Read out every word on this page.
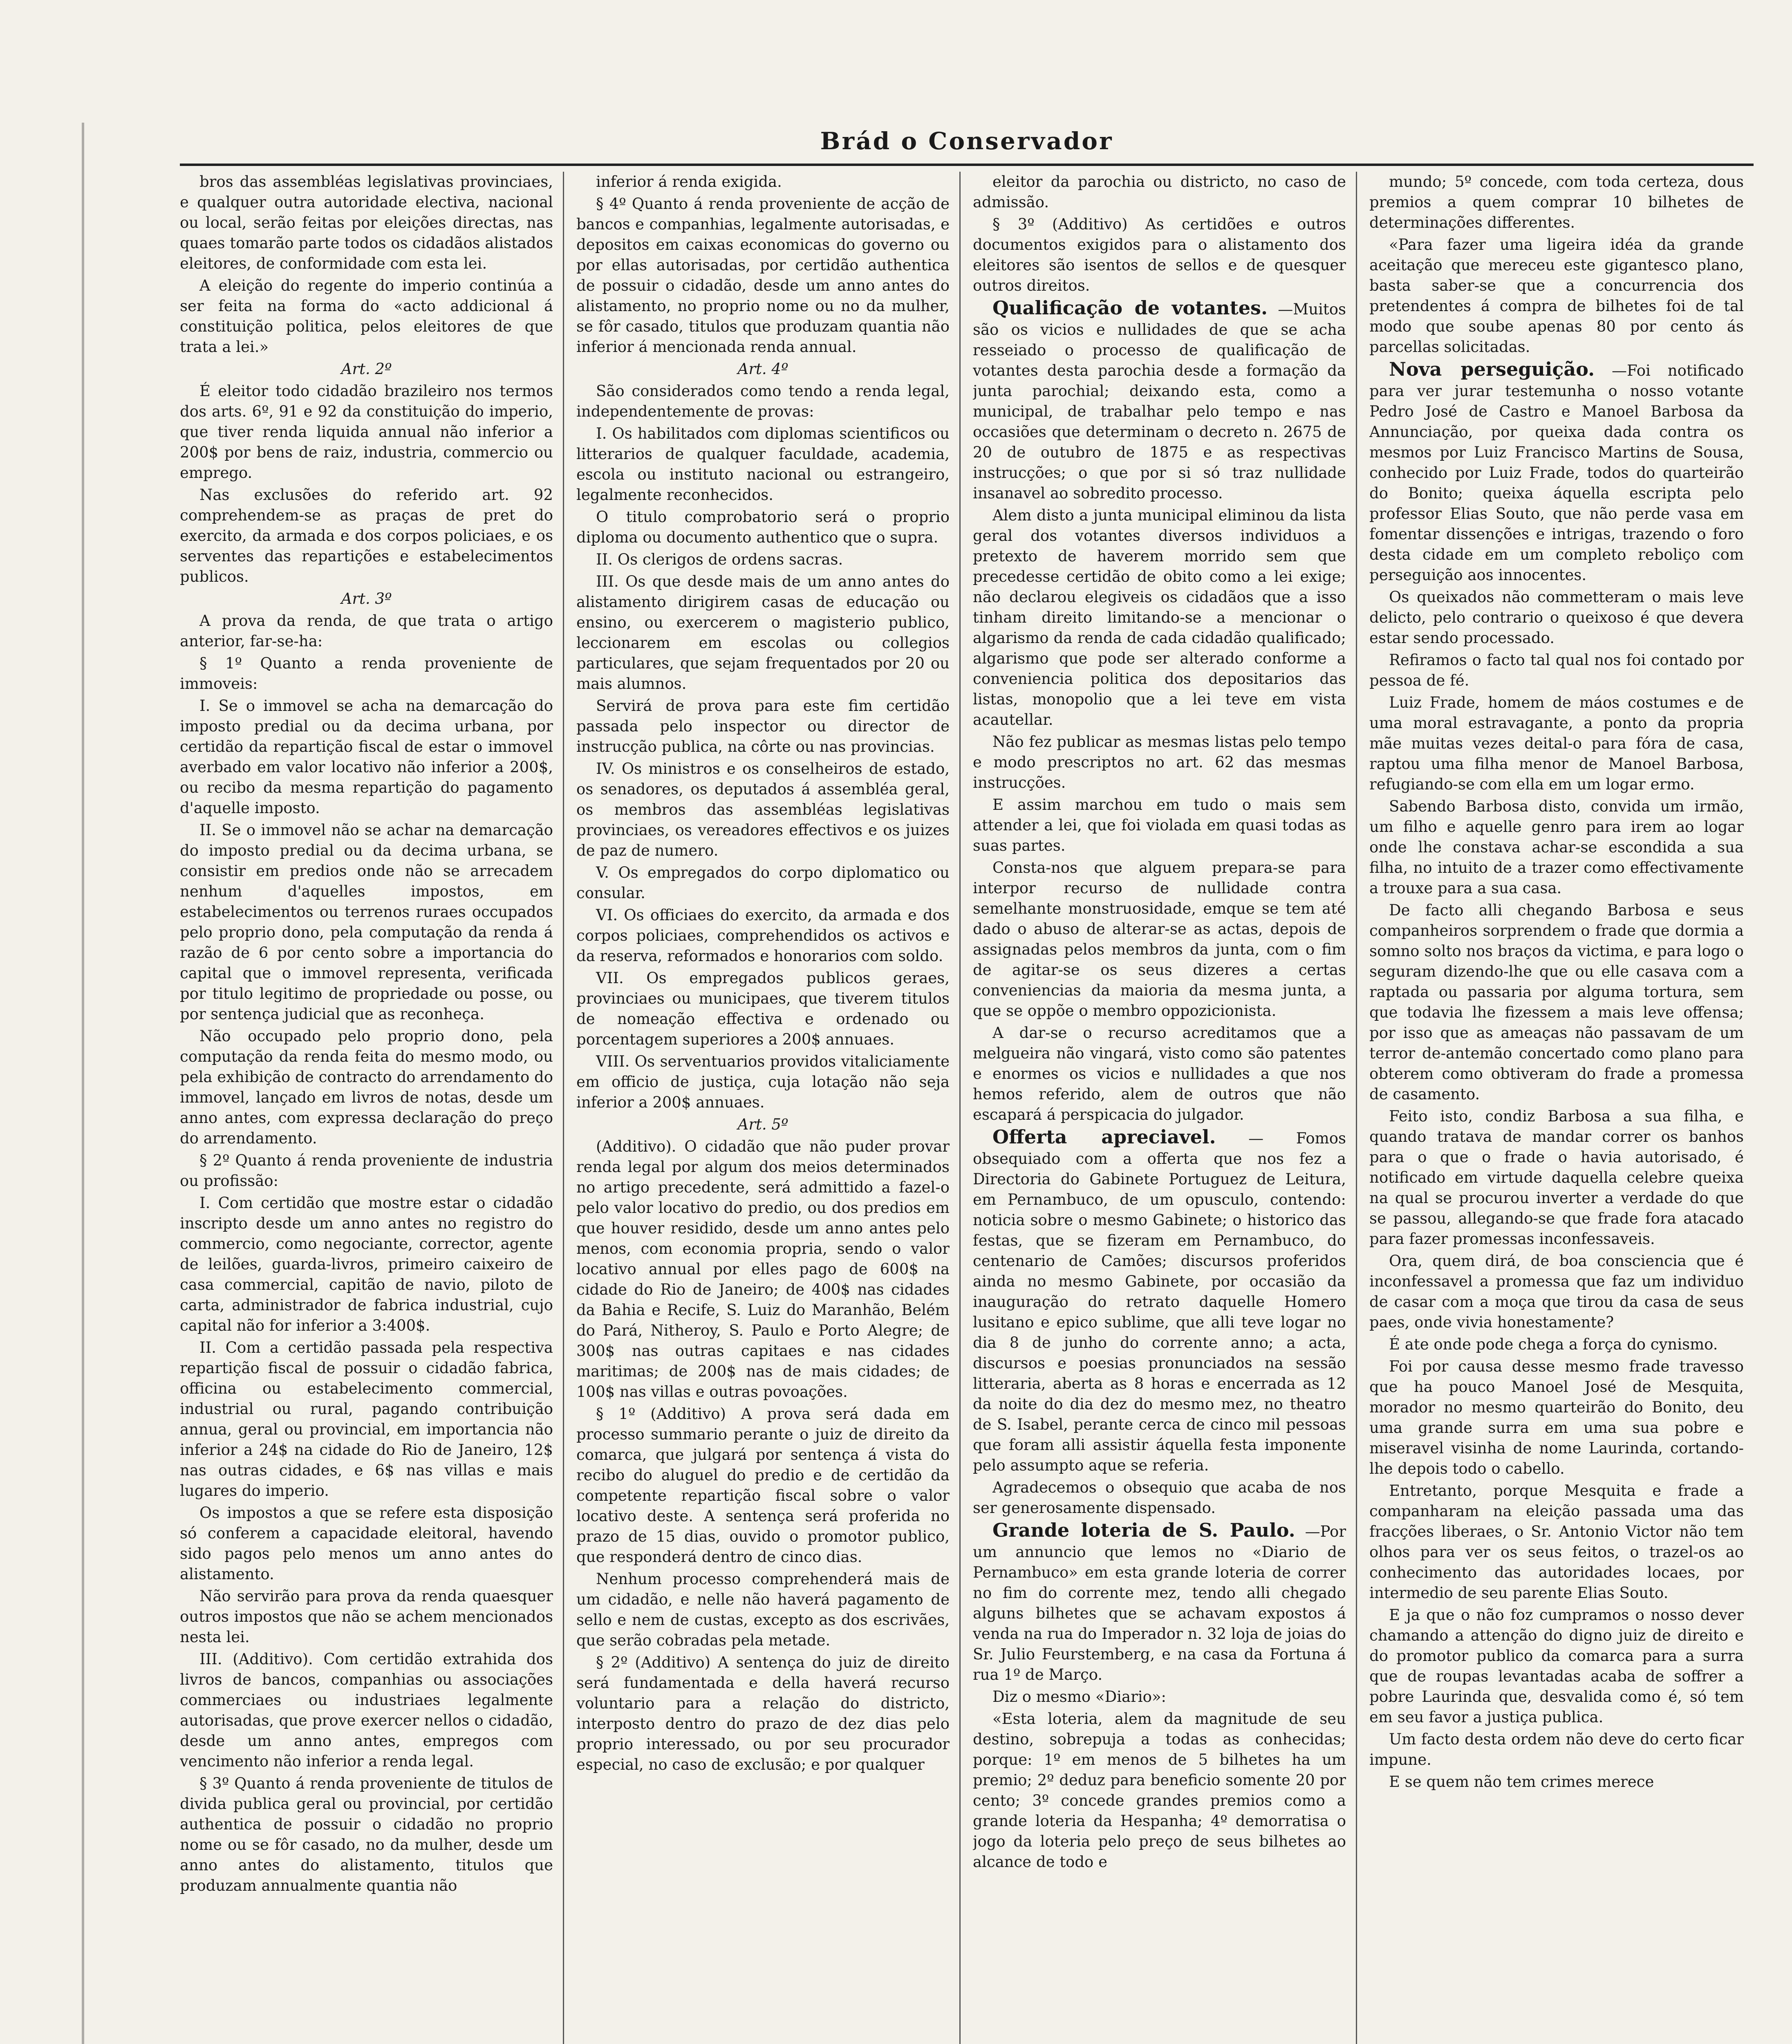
Brád o Conservador

bros das assembléas legislativas provinciaes, e qualquer outra autoridade electiva, nacional ou local, serão feitas por eleições directas, nas quaes tomarão parte todos os cidadãos alistados eleitores, de conformidade com esta lei.

A eleição do regente do imperio continúa a ser feita na forma do «acto addicional á constituição politica, pelos eleitores de que trata a lei.»

Art. 2º

É eleitor todo cidadão brazileiro nos termos dos arts. 6º, 91 e 92 da constituição do imperio, que tiver renda liquida annual não inferior a 200$ por bens de raiz, industria, commercio ou emprego.

Nas exclusões do referido art. 92 comprehendem-se as praças de pret do exercito, da armada e dos corpos policiaes, e os serventes das repartições e estabelecimentos publicos.

Art. 3º

A prova da renda, de que trata o artigo anterior, far-se-ha:

§ 1º Quanto a renda proveniente de immoveis:

I. Se o immovel se acha na demarcação do imposto predial ou da decima urbana, por certidão da repartição fiscal de estar o immovel averbado em valor locativo não inferior a 200$, ou recibo da mesma repartição do pagamento d'aquelle imposto.

II. Se o immovel não se achar na demarcação do imposto predial ou da decima urbana, se consistir em predios onde não se arrecadem nenhum d'aquelles impostos, em estabelecimentos ou terrenos ruraes occupados pelo proprio dono, pela computação da renda á razão de 6 por cento sobre a importancia do capital que o immovel representa, verificada por titulo legitimo de propriedade ou posse, ou por sentença judicial que as reconheça.

Não occupado pelo proprio dono, pela computação da renda feita do mesmo modo, ou pela exhibição de contracto do arrendamento do immovel, lançado em livros de notas, desde um anno antes, com expressa declaração do preço do arrendamento.

§ 2º Quanto á renda proveniente de industria ou profissão:

I. Com certidão que mostre estar o cidadão inscripto desde um anno antes no registro do commercio, como negociante, corrector, agente de leilões, guarda-livros, primeiro caixeiro de casa commercial, capitão de navio, piloto de carta, administrador de fabrica industrial, cujo capital não for inferior a 3:400$.

II. Com a certidão passada pela respectiva repartição fiscal de possuir o cidadão fabrica, officina ou estabelecimento commercial, industrial ou rural, pagando contribuição annua, geral ou provincial, em importancia não inferior a 24$ na cidade do Rio de Janeiro, 12$ nas outras cidades, e 6$ nas villas e mais lugares do imperio.

Os impostos a que se refere esta disposição só conferem a capacidade eleitoral, havendo sido pagos pelo menos um anno antes do alistamento.

Não servirão para prova da renda quaesquer outros impostos que não se achem mencionados nesta lei.

III. (Additivo). Com certidão extrahida dos livros de bancos, companhias ou associações commerciaes ou industriaes legalmente autorisadas, que prove exercer nellos o cidadão, desde um anno antes, empregos com vencimento não inferior a renda legal.

§ 3º Quanto á renda proveniente de titulos de divida publica geral ou provincial, por certidão authentica de possuir o cidadão no proprio nome ou se fôr casado, no da mulher, desde um anno antes do alistamento, titulos que produzam annualmente quantia não

inferior á renda exigida.

§ 4º Quanto á renda proveniente de acção de bancos e companhias, legalmente autorisadas, e depositos em caixas economicas do governo ou por ellas autorisadas, por certidão authentica de possuir o cidadão, desde um anno antes do alistamento, no proprio nome ou no da mulher, se fôr casado, titulos que produzam quantia não inferior á mencionada renda annual.

Art. 4º

São considerados como tendo a renda legal, independentemente de provas:

I. Os habilitados com diplomas scientificos ou litterarios de qualquer faculdade, academia, escola ou instituto nacional ou estrangeiro, legalmente reconhecidos.

O titulo comprobatorio será o proprio diploma ou documento authentico que o supra.

II. Os clerigos de ordens sacras.

III. Os que desde mais de um anno antes do alistamento dirigirem casas de educação ou ensino, ou exercerem o magisterio publico, leccionarem em escolas ou collegios particulares, que sejam frequentados por 20 ou mais alumnos.

Servirá de prova para este fim certidão passada pelo inspector ou director de instrucção publica, na côrte ou nas provincias.

IV. Os ministros e os conselheiros de estado, os senadores, os deputados á assembléa geral, os membros das assembléas legislativas provinciaes, os vereadores effectivos e os juizes de paz de numero.

V. Os empregados do corpo diplomatico ou consular.

VI. Os officiaes do exercito, da armada e dos corpos policiaes, comprehendidos os activos e da reserva, reformados e honorarios com soldo.

VII. Os empregados publicos geraes, provinciaes ou municipaes, que tiverem titulos de nomeação effectiva e ordenado ou porcentagem superiores a 200$ annuaes.

VIII. Os serventuarios providos vitaliciamente em officio de justiça, cuja lotação não seja inferior a 200$ annuaes.

Art. 5º

(Additivo). O cidadão que não puder provar renda legal por algum dos meios determinados no artigo precedente, será admittido a fazel-o pelo valor locativo do predio, ou dos predios em que houver residido, desde um anno antes pelo menos, com economia propria, sendo o valor locativo annual por elles pago de 600$ na cidade do Rio de Janeiro; de 400$ nas cidades da Bahia e Recife, S. Luiz do Maranhão, Belém do Pará, Nitheroy, S. Paulo e Porto Alegre; de 300$ nas outras capitaes e nas cidades maritimas; de 200$ nas de mais cidades; de 100$ nas villas e outras povoações.

§ 1º (Additivo) A prova será dada em processo summario perante o juiz de direito da comarca, que julgará por sentença á vista do recibo do aluguel do predio e de certidão da competente repartição fiscal sobre o valor locativo deste. A sentença será proferida no prazo de 15 dias, ouvido o promotor publico, que responderá dentro de cinco dias.

Nenhum processo comprehenderá mais de um cidadão, e nelle não haverá pagamento de sello e nem de custas, excepto as dos escrivães, que serão cobradas pela metade.

§ 2º (Additivo) A sentença do juiz de direito será fundamentada e della haverá recurso voluntario para a relação do districto, interposto dentro do prazo de dez dias pelo proprio interessado, ou por seu procurador especial, no caso de exclusão; e por qualquer

eleitor da parochia ou districto, no caso de admissão.

§ 3º (Additivo) As certidões e outros documentos exigidos para o alistamento dos eleitores são isentos de sellos e de quesquer outros direitos.

Qualificação de votantes. —Muitos são os vicios e nullidades de que se acha resseiado o processo de qualificação de votantes desta parochia desde a formação da junta parochial; deixando esta, como a municipal, de trabalhar pelo tempo e nas occasiões que determinam o decreto n. 2675 de 20 de outubro de 1875 e as respectivas instrucções; o que por si só traz nullidade insanavel ao sobredito processo.

Alem disto a junta municipal eliminou da lista geral dos votantes diversos individuos a pretexto de haverem morrido sem que precedesse certidão de obito como a lei exige; não declarou elegiveis os cidadãos que a isso tinham direito limitando-se a mencionar o algarismo da renda de cada cidadão qualificado; algarismo que pode ser alterado conforme a conveniencia politica dos depositarios das listas, monopolio que a lei teve em vista acautellar.

Não fez publicar as mesmas listas pelo tempo e modo prescriptos no art. 62 das mesmas instrucções.

E assim marchou em tudo o mais sem attender a lei, que foi violada em quasi todas as suas partes.

Consta-nos que alguem prepara-se para interpor recurso de nullidade contra semelhante monstruosidade, emque se tem até dado o abuso de alterar-se as actas, depois de assignadas pelos membros da junta, com o fim de agitar-se os seus dizeres a certas conveniencias da maioria da mesma junta, a que se oppõe o membro oppozicionista.

A dar-se o recurso acreditamos que a melgueira não vingará, visto como são patentes e enormes os vicios e nullidades a que nos hemos referido, alem de outros que não escapará á perspicacia do julgador.

Offerta apreciavel. — Fomos obsequiado com a offerta que nos fez a Directoria do Gabinete Portuguez de Leitura, em Pernambuco, de um opusculo, contendo: noticia sobre o mesmo Gabinete; o historico das festas, que se fizeram em Pernambuco, do centenario de Camões; discursos proferidos ainda no mesmo Gabinete, por occasião da inauguração do retrato daquelle Homero lusitano e epico sublime, que alli teve logar no dia 8 de junho do corrente anno; a acta, discursos e poesias pronunciados na sessão litteraria, aberta as 8 horas e encerrada as 12 da noite do dia dez do mesmo mez, no theatro de S. Isabel, perante cerca de cinco mil pessoas que foram alli assistir áquella festa imponente pelo assumpto aque se referia.

Agradecemos o obsequio que acaba de nos ser generosamente dispensado.

Grande loteria de S. Paulo. —Por um annuncio que lemos no «Diario de Pernambuco» em esta grande loteria de correr no fim do corrente mez, tendo alli chegado alguns bilhetes que se achavam expostos á venda na rua do Imperador n. 32 loja de joias do Sr. Julio Feurstemberg, e na casa da Fortuna á rua 1º de Março.

Diz o mesmo «Diario»:

«Esta loteria, alem da magnitude de seu destino, sobrepuja a todas as conhecidas; porque: 1º em menos de 5 bilhetes ha um premio; 2º deduz para beneficio somente 20 por cento; 3º concede grandes premios como a grande loteria da Hespanha; 4º demorratisa o jogo da loteria pelo preço de seus bilhetes ao alcance de todo e

mundo; 5º concede, com toda certeza, dous premios a quem comprar 10 bilhetes de determinações differentes.

«Para fazer uma ligeira idéa da grande aceitação que mereceu este gigantesco plano, basta saber-se que a concurrencia dos pretendentes á compra de bilhetes foi de tal modo que soube apenas 80 por cento ás parcellas solicitadas.

Nova perseguição. —Foi notificado para ver jurar testemunha o nosso votante Pedro José de Castro e Manoel Barbosa da Annunciação, por queixa dada contra os mesmos por Luiz Francisco Martins de Sousa, conhecido por Luiz Frade, todos do quarteirão do Bonito; queixa áquella escripta pelo professor Elias Souto, que não perde vasa em fomentar dissenções e intrigas, trazendo o foro desta cidade em um completo reboliço com perseguição aos innocentes.

Os queixados não commetteram o mais leve delicto, pelo contrario o queixoso é que devera estar sendo processado.

Refiramos o facto tal qual nos foi contado por pessoa de fé.

Luiz Frade, homem de máos costumes e de uma moral estravagante, a ponto da propria mãe muitas vezes deital-o para fóra de casa, raptou uma filha menor de Manoel Barbosa, refugiando-se com ella em um logar ermo.

Sabendo Barbosa disto, convida um irmão, um filho e aquelle genro para irem ao logar onde lhe constava achar-se escondida a sua filha, no intuito de a trazer como effectivamente a trouxe para a sua casa.

De facto alli chegando Barbosa e seus companheiros sorprendem o frade que dormia a somno solto nos braços da victima, e para logo o seguram dizendo-lhe que ou elle casava com a raptada ou passaria por alguma tortura, sem que todavia lhe fizessem a mais leve offensa; por isso que as ameaças não passavam de um terror de-antemão concertado como plano para obterem como obtiveram do frade a promessa de casamento.

Feito isto, condiz Barbosa a sua filha, e quando tratava de mandar correr os banhos para o que o frade o havia autorisado, é notificado em virtude daquella celebre queixa na qual se procurou inverter a verdade do que se passou, allegando-se que frade fora atacado para fazer promessas inconfessaveis.

Ora, quem dirá, de boa consciencia que é inconfessavel a promessa que faz um individuo de casar com a moça que tirou da casa de seus paes, onde vivia honestamente?

É ate onde pode chega a força do cynismo.

Foi por causa desse mesmo frade travesso que ha pouco Manoel José de Mesquita, morador no mesmo quarteirão do Bonito, deu uma grande surra em uma sua pobre e miseravel visinha de nome Laurinda, cortando-lhe depois todo o cabello.

Entretanto, porque Mesquita e frade a companharam na eleição passada uma das fracções liberaes, o Sr. Antonio Victor não tem olhos para ver os seus feitos, o trazel-os ao conhecimento das autoridades locaes, por intermedio de seu parente Elias Souto.

E ja que o não foz cumpramos o nosso dever chamando a attenção do digno juiz de direito e do promotor publico da comarca para a surra que de roupas levantadas acaba de soffrer a pobre Laurinda que, desvalida como é, só tem em seu favor a justiça publica.

Um facto desta ordem não deve do certo ficar impune.

E se quem não tem crimes merece
